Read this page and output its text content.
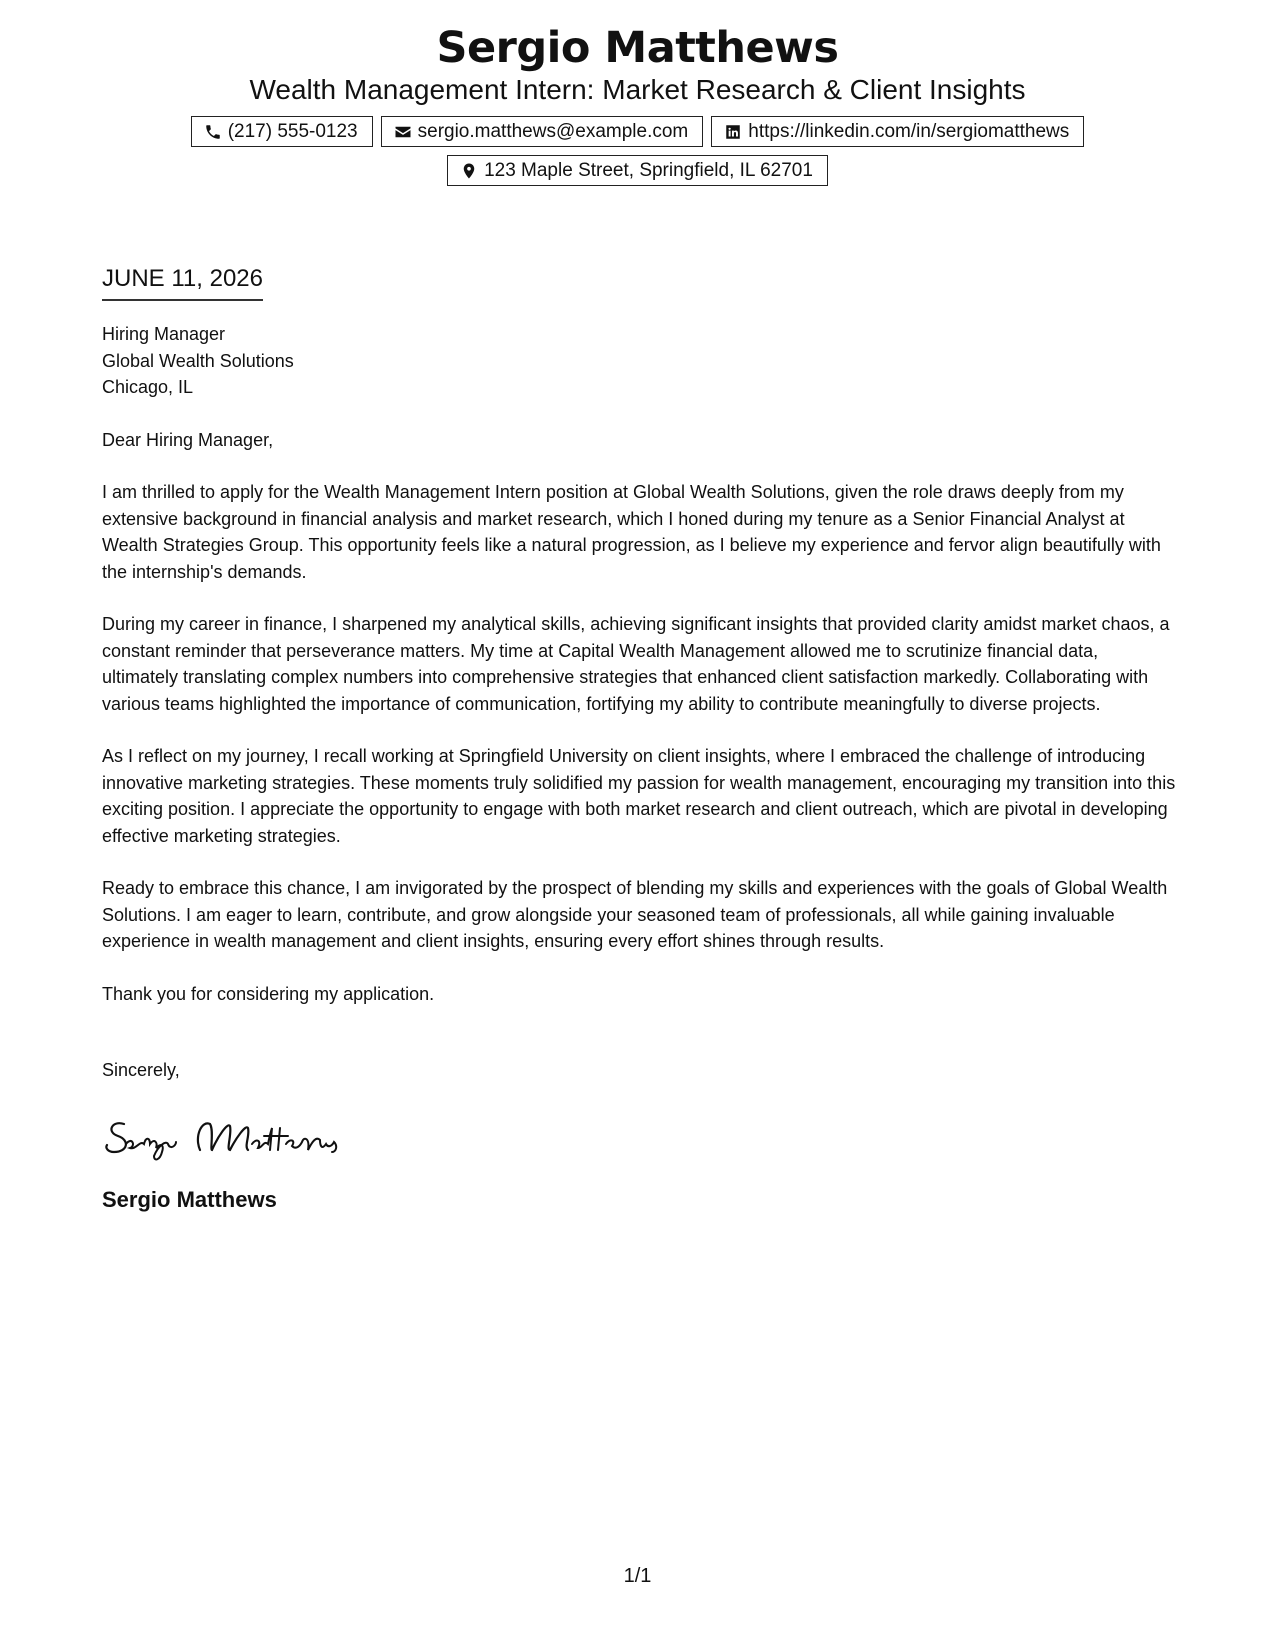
Sergio Matthews
Wealth Management Intern: Market Research & Client Insights
(217) 555-0123	sergio.matthews@example.com	https://linkedin.com/in/sergiomatthews
123 Maple Street, Springfield, IL 62701
JUNE 11, 2026
Hiring Manager
Global Wealth Solutions
Chicago, IL
Dear Hiring Manager,

I am thrilled to apply for the Wealth Management Intern position at Global Wealth Solutions, given the role draws deeply from my extensive background in financial analysis and market research, which I honed during my tenure as a Senior Financial Analyst at Wealth Strategies Group. This opportunity feels like a natural progression, as I believe my experience and fervor align beautifully with the internship's demands.

During my career in finance, I sharpened my analytical skills, achieving significant insights that provided clarity amidst market chaos, a constant reminder that perseverance matters. My time at Capital Wealth Management allowed me to scrutinize financial data, ultimately translating complex numbers into comprehensive strategies that enhanced client satisfaction markedly. Collaborating with various teams highlighted the importance of communication, fortifying my ability to contribute meaningfully to diverse projects.

As I reflect on my journey, I recall working at Springfield University on client insights, where I embraced the challenge of introducing innovative marketing strategies. These moments truly solidified my passion for wealth management, encouraging my transition into this exciting position. I appreciate the opportunity to engage with both market research and client outreach, which are pivotal in developing effective marketing strategies.

Ready to embrace this chance, I am invigorated by the prospect of blending my skills and experiences with the goals of Global Wealth Solutions. I am eager to learn, contribute, and grow alongside your seasoned team of professionals, all while gaining invaluable experience in wealth management and client insights, ensuring every effort shines through results.

Thank you for considering my application.

Sincerely,
Sergio Matthews
1/1
